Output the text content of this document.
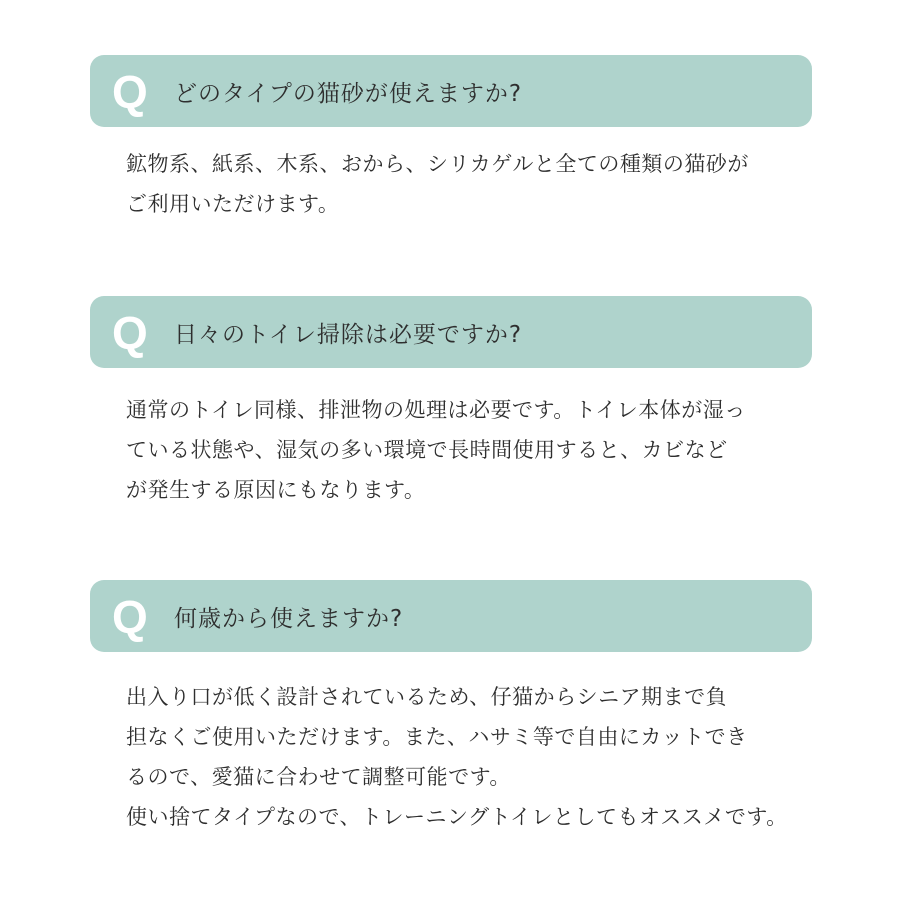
Q どのタイプの猫砂が使えますか?
鉱物系、紙系、木系、おから、シリカゲルと全ての種類の猫砂が
ご利用いただけます。
Q 日々のトイレ掃除は必要ですか?
通常のトイレ同様、排泄物の処理は必要です。トイレ本体が湿っ
ている状態や、湿気の多い環境で長時間使用すると、カビなど
が発生する原因にもなります。
Q 何歳から使えますか?
出入り口が低く設計されているため、仔猫からシニア期まで負
担なくご使用いただけます。また、ハサミ等で自由にカットでき
るので、愛猫に合わせて調整可能です。
使い捨てタイプなので、トレーニングトイレとしてもオススメです。
